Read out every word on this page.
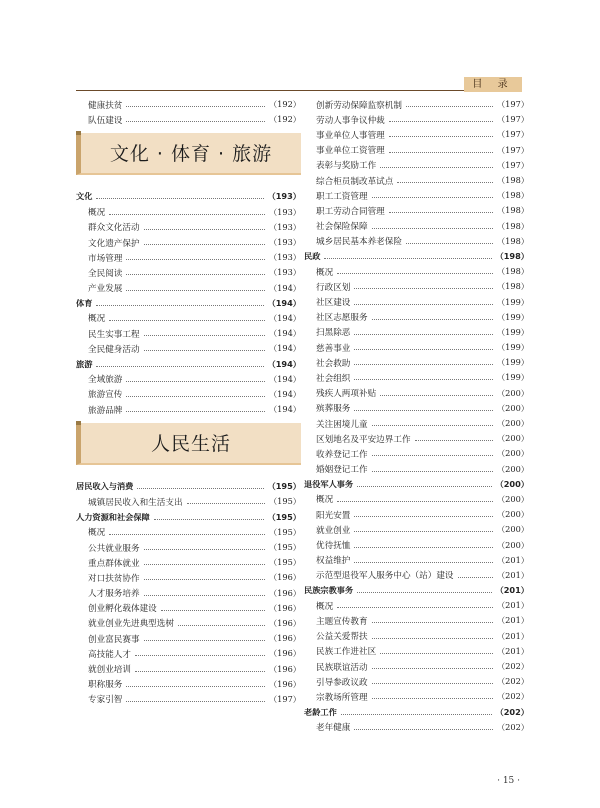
目 录
健康扶贫	（192）
队伍建设	（192）
文化 · 体育 · 旅游
文化	（193）
概况	（193）
群众文化活动	（193）
文化遗产保护	（193）
市场管理	（193）
全民阅读	（193）
产业发展	（194）
体育	（194）
概况	（194）
民生实事工程	（194）
全民健身活动	（194）
旅游	（194）
全域旅游	（194）
旅游宣传	（194）
旅游品牌	（194）
人民生活
居民收入与消费	（195）
城镇居民收入和生活支出	（195）
人力资源和社会保障	（195）
概况	（195）
公共就业服务	（195）
重点群体就业	（195）
对口扶贫协作	（196）
人才服务培养	（196）
创业孵化载体建设	（196）
就业创业先进典型选树	（196）
创业富民赛事	（196）
高技能人才	（196）
就创业培训	（196）
职称服务	（196）
专家引智	（197）
创新劳动保障监察机制	（197）
劳动人事争议仲裁	（197）
事业单位人事管理	（197）
事业单位工资管理	（197）
表彰与奖励工作	（197）
综合柜员制改革试点	（198）
职工工资管理	（198）
职工劳动合同管理	（198）
社会保险保障	（198）
城乡居民基本养老保险	（198）
民政	（198）
概况	（198）
行政区划	（198）
社区建设	（199）
社区志愿服务	（199）
扫黑除恶	（199）
慈善事业	（199）
社会救助	（199）
社会组织	（199）
残疾人两项补贴	（200）
殡葬服务	（200）
关注困境儿童	（200）
区划地名及平安边界工作	（200）
收养登记工作	（200）
婚姻登记工作	（200）
退役军人事务	（200）
概况	（200）
阳光安置	（200）
就业创业	（200）
优待抚恤	（200）
权益维护	（201）
示范型退役军人服务中心（站）建设	（201）
民族宗教事务	（201）
概况	（201）
主题宣传教育	（201）
公益关爱帮扶	（201）
民族工作进社区	（201）
民族联谊活动	（202）
引导参政议政	（202）
宗教场所管理	（202）
老龄工作	（202）
老年健康	（202）
· 15 ·
